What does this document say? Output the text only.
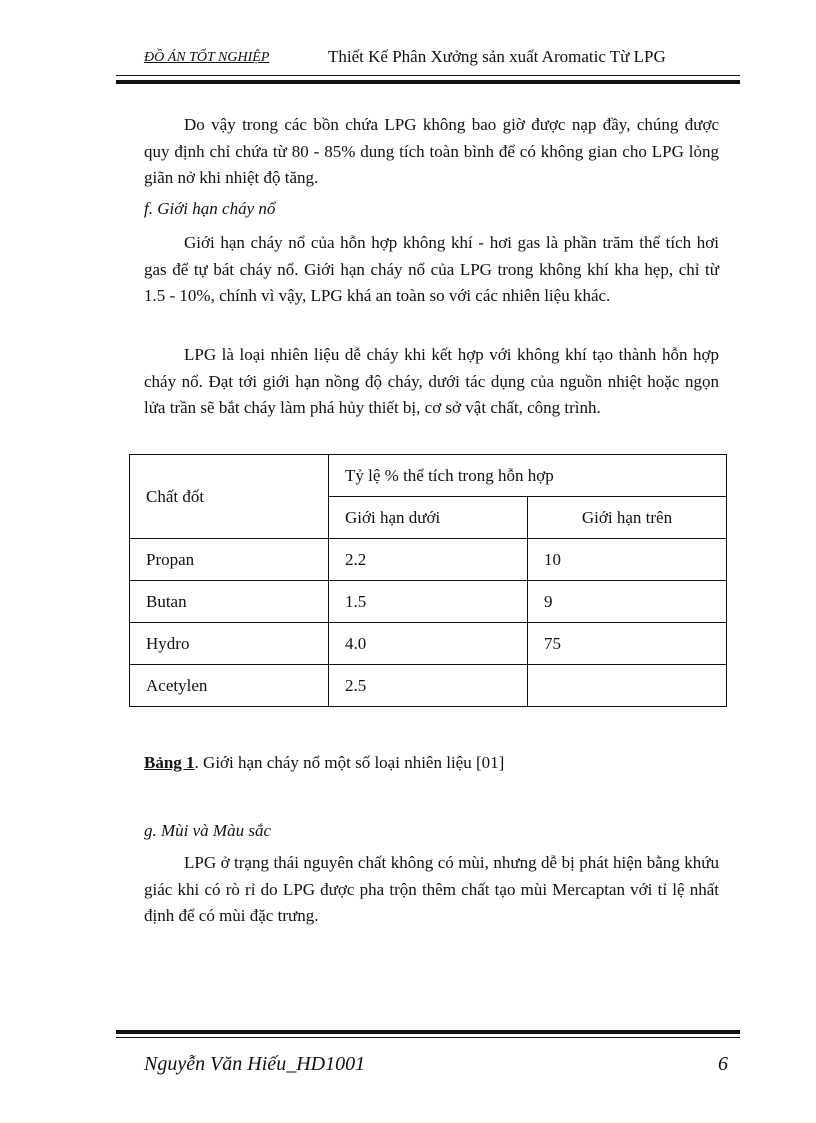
ĐỒ ÁN TỐT NGHIỆP	Thiết Kế Phân Xưởng sản xuất Aromatic Từ LPG

Do vậy trong các bồn chứa LPG không bao giờ được nạp đầy, chúng được quy định chỉ chứa từ 80 - 85% dung tích toàn bình để có không gian cho LPG lỏng giãn nở khi nhiệt độ tăng.

f. Giới hạn cháy nổ

Giới hạn cháy nổ của hỗn hợp không khí - hơi gas là phần trăm thể tích hơi gas để tự bát cháy nổ. Giới hạn cháy nổ của LPG trong không khí kha hẹp, chỉ từ 1.5 - 10%, chính vì vậy, LPG khá an toàn so với các nhiên liệu khác.

LPG là loại nhiên liệu dễ cháy khi kết hợp với không khí tạo thành hỗn hợp cháy nổ. Đạt tới giới hạn nồng độ cháy, dưới tác dụng của nguồn nhiệt hoặc ngọn lửa trần sẽ bắt cháy làm phá hủy thiết bị, cơ sở vật chất, công trình.

Chất đốt	Tỷ lệ % thể tích trong hỗn hợp	
	Giới hạn dưới	Giới hạn trên
Propan	2.2	10
Butan	1.5	9
Hydro	4.0	75
Acetylen	2.5	
Bảng 1. Giới hạn cháy nổ một số loại nhiên liệu [01]

g. Mùi và Màu sắc

LPG ở trạng thái nguyên chất không có mùi, nhưng dễ bị phát hiện bằng khứu giác khi có rò rỉ do LPG được pha trộn thêm chất tạo mùi Mercaptan với tỉ lệ nhất định để có mùi đặc trưng.

Nguyễn Văn Hiếu_HD1001	6
